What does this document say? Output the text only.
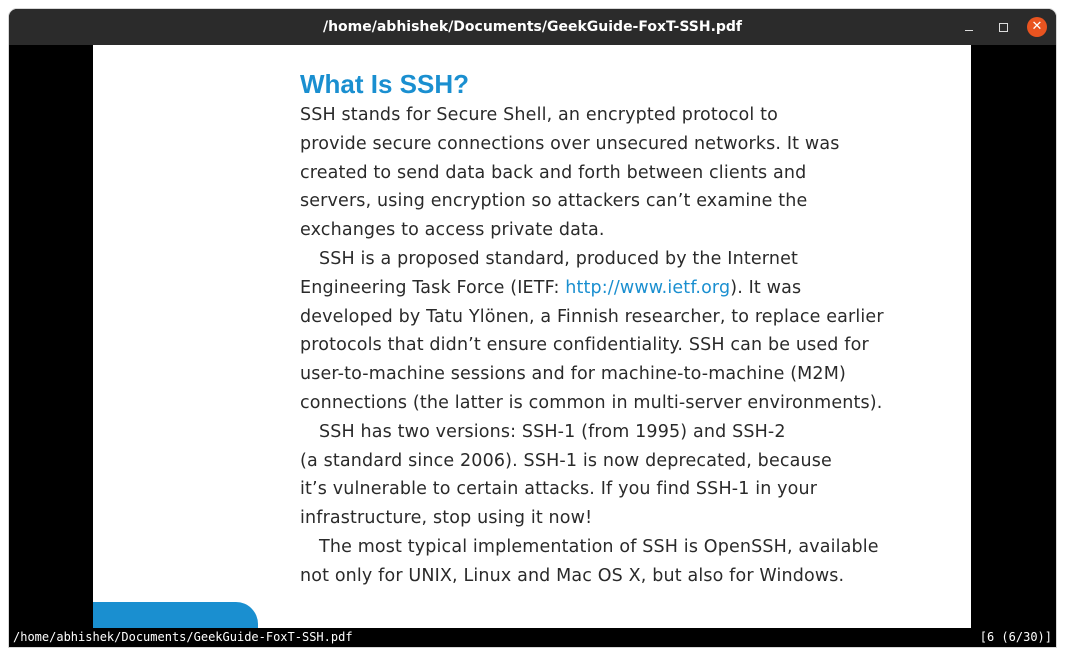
/home/abhishek/Documents/GeekGuide-FoxT-SSH.pdf	✕
What Is SSH?
SSH stands for Secure Shell, an encrypted protocol to
provide secure connections over unsecured networks. It was
created to send data back and forth between clients and
servers, using encryption so attackers can’t examine the
exchanges to access private data.
SSH is a proposed standard, produced by the Internet
Engineering Task Force (IETF: http://www.ietf.org). It was
developed by Tatu Ylönen, a Finnish researcher, to replace earlier
protocols that didn’t ensure confidentiality. SSH can be used for
user-to-machine sessions and for machine-to-machine (M2M)
connections (the latter is common in multi-server environments).
SSH has two versions: SSH-1 (from 1995) and SSH-2
(a standard since 2006). SSH-1 is now deprecated, because
it’s vulnerable to certain attacks. If you find SSH-1 in your
infrastructure, stop using it now!
The most typical implementation of SSH is OpenSSH, available
not only for UNIX, Linux and Mac OS X, but also for Windows.
/home/abhishek/Documents/GeekGuide-FoxT-SSH.pdf	[6 (6/30)]
